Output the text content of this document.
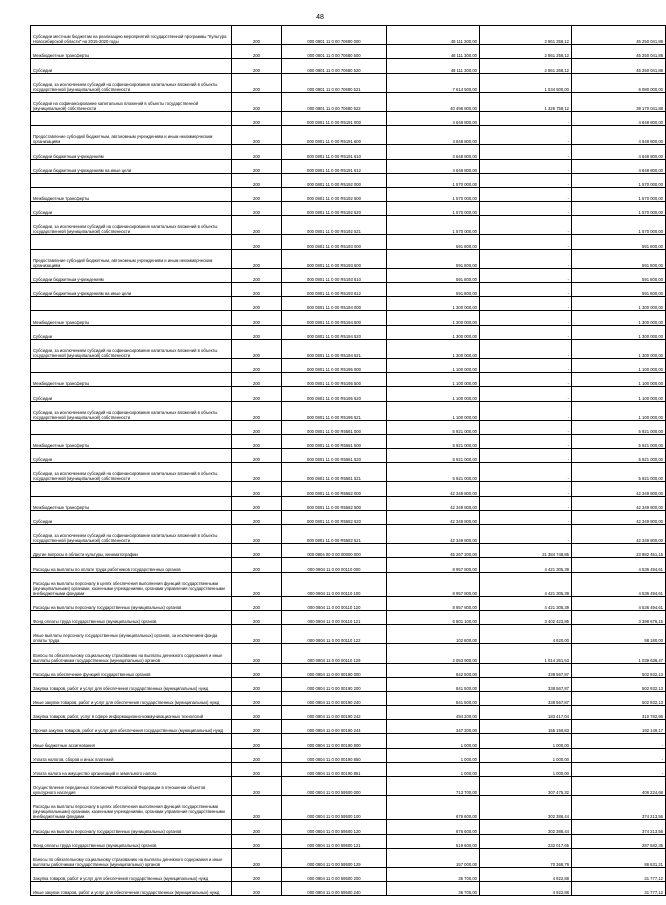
48
Субсидии местным бюджетам на реализацию мероприятий государственной программы "Культура Новосибирской области" на 2015-2020 годы	200	000 0801 11 0 00 70680 000	48 111 300,00	2 861 258,12	45 250 041,88
Межбюджетные трансферты	200	000 0801 11 0 00 70680 500	48 111 300,00	2 861 258,12	45 250 041,88
Субсидии	200	000 0801 11 0 00 70680 520	48 111 300,00	2 861 258,12	45 250 041,88
Субсидии, за исключением субсидий на софинансирование капитальных вложений в объекты государственной (муниципальной) собственности	200	000 0801 11 0 00 70680 521	7 614 500,00	1 534 500,00	6 080 000,00
Субсидии на софинансирование капитальных вложений в объекты государственной (муниципальной) собственности	200	000 0801 11 0 00 70680 522	40 496 800,00	1 326 758,12	39 170 041,88
	200	000 0801 11 0 00 R5191 000	4 648 800,00	-	4 648 800,00
Предоставление субсидий бюджетным, автономным учреждениям и иным некоммерческим организациям	200	000 0801 11 0 00 R5191 600	4 648 800,00	-	4 648 800,00
Субсидии бюджетным учреждениям	200	000 0801 11 0 00 R5191 610	4 648 800,00	-	4 648 800,00
Субсидии бюджетным учреждениям на иные цели	200	000 0801 11 0 00 R5191 612	4 648 800,00	-	4 648 800,00
	200	000 0801 11 0 00 R5192 000	1 570 000,00	-	1 570 000,00
Межбюджетные трансферты	200	000 0801 11 0 00 R5192 500	1 570 000,00	-	1 570 000,00
Субсидии	200	000 0801 11 0 00 R5192 520	1 570 000,00	-	1 570 000,00
Субсидии, за исключением субсидий на софинансирование капитальных вложений в объекты государственной (муниципальной) собственности	200	000 0801 11 0 00 R5192 521	1 570 000,00	-	1 570 000,00
	200	000 0801 11 0 00 R5193 000	591 800,00	-	591 800,00
Предоставление субсидий бюджетным, автономным учреждениям и иным некоммерческим организациям	200	000 0801 11 0 00 R5193 600	591 800,00	-	591 800,00
Субсидии бюджетным учреждениям	200	000 0801 11 0 00 R5193 610	591 800,00	-	591 800,00
Субсидии бюджетным учреждениям на иные цели	200	000 0801 11 0 00 R5193 612	591 800,00	-	591 800,00
	200	000 0801 11 0 00 R5194 000	1 300 000,00	-	1 300 000,00
Межбюджетные трансферты	200	000 0801 11 0 00 R5194 500	1 300 000,00	-	1 300 000,00
Субсидии	200	000 0801 11 0 00 R5194 520	1 300 000,00	-	1 300 000,00
Субсидии, за исключением субсидий на софинансирование капитальных вложений в объекты государственной (муниципальной) собственности	200	000 0801 11 0 00 R5194 521	1 300 000,00	-	1 300 000,00
	200	000 0801 11 0 00 R5195 000	1 100 000,00	-	1 100 000,00
Межбюджетные трансферты	200	000 0801 11 0 00 R5195 500	1 100 000,00	-	1 100 000,00
Субсидии	200	000 0801 11 0 00 R5195 520	1 100 000,00	-	1 100 000,00
Субсидии, за исключением субсидий на софинансирование капитальных вложений в объекты государственной (муниципальной) собственности	200	000 0801 11 0 00 R5195 521	1 100 000,00	-	1 100 000,00
	200	000 0801 11 0 00 R5581 000	5 921 000,00	-	5 921 000,00
Межбюджетные трансферты	200	000 0801 11 0 00 R5581 500	5 921 000,00	-	5 921 000,00
Субсидии	200	000 0801 11 0 00 R5581 520	5 921 000,00	-	5 921 000,00
Субсидии, за исключением субсидий на софинансирование капитальных вложений в объекты государственной (муниципальной) собственности	200	000 0801 11 0 00 R5581 521	5 921 000,00	-	5 921 000,00
	200	000 0801 11 0 00 R5582 000	42 349 800,00	-	42 349 800,00
Межбюджетные трансферты	200	000 0801 11 0 00 R5582 500	42 349 800,00	-	42 349 800,00
Субсидии	200	000 0801 11 0 00 R5582 520	42 349 800,00	-	42 349 800,00
Субсидии, за исключением субсидий на софинансирование капитальных вложений в объекты государственной (муниципальной) собственности	200	000 0801 11 0 00 R5582 521	42 349 800,00	-	42 349 800,00
Другие вопросы в области культуры, кинематографии	200	000 0804 00 0 00 00000 000	45 267 200,00	21 384 748,85	23 882 451,15
Расходы на выплаты по оплате труда работников государственных органов	200	000 0804 11 0 00 00110 000	8 957 800,00	4 421 305,39	4 536 494,61
Расходы на выплаты персоналу в целях обеспечения выполнения функций государственными (муниципальными) органами, казенными учреждениями, органами управления государственными внебюджетными фондами	200	000 0804 11 0 00 00110 100	8 957 800,00	4 421 305,39	4 536 494,61
Расходы на выплаты персоналу государственных (муниципальных) органов	200	000 0804 11 0 00 00110 120	8 957 800,00	4 421 305,39	4 536 494,61
Фонд оплаты труда государственных (муниципальных) органов	200	000 0804 11 0 00 00110 121	6 801 100,00	3 402 423,85	3 398 676,15
Иные выплаты персоналу государственных (муниципальных) органов, за исключением фонда оплаты труда	200	000 0804 11 0 00 00110 122	102 800,00	4 620,00	98 180,00
Взносы по обязательному социальному страхованию на выплаты денежного содержания и иные выплаты работникам государственных (муниципальных) органов	200	000 0804 11 0 00 00110 129	2 053 900,00	1 014 261,53	1 039 638,47
Расходы на обеспечение функций государственных органов	200	000 0804 11 0 00 00190 000	842 500,00	339 567,87	502 932,13
Закупка товаров, работ и услуг для обеспечения государственных (муниципальных) нужд	200	000 0804 11 0 00 00190 200	841 500,00	338 567,87	502 932,13
Иные закупки товаров, работ и услуг для обеспечения государственных (муниципальных) нужд	200	000 0804 11 0 00 00190 240	841 500,00	338 567,87	502 932,13
Закупка товаров, работ, услуг в сфере информационно-коммуникационных технологий	200	000 0804 11 0 00 00190 242	494 200,00	183 417,04	310 782,96
Прочая закупка товаров, работ и услуг для обеспечения государственных (муниципальных) нужд	200	000 0804 11 0 00 00190 244	347 300,00	155 150,83	192 149,17
Иные бюджетные ассигнования	200	000 0804 11 0 00 00190 800	1 000,00	1 000,00	-
Уплата налогов, сборов и иных платежей	200	000 0804 11 0 00 00190 850	1 000,00	1 000,00	-
Уплата налога на имущество организаций и земельного налога	200	000 0804 11 0 00 00190 851	1 000,00	1 000,00	-
Осуществление переданных полномочий Российской Федерации в отношении объектов культурного наследия	200	000 0804 11 0 00 59500 000	713 700,00	307 475,32	406 224,68
Расходы на выплаты персоналу в целях обеспечения выполнения функций государственными (муниципальными) органами, казенными учреждениями, органами управления государственными внебюджетными фондами	200	000 0804 11 0 00 59500 100	676 600,00	302 386,44	374 213,56
Расходы на выплаты персоналу государственных (муниципальных) органов	200	000 0804 11 0 00 59500 120	676 600,00	302 386,44	374 213,56
Фонд оплаты труда государственных (муниципальных) органов	200	000 0804 11 0 00 59500 121	519 600,00	232 017,65	287 582,35
Взносы по обязательному социальному страхованию на выплаты денежного содержания и иные выплаты работникам государственных (муниципальных) органов	200	000 0804 11 0 00 59500 129	157 000,00	70 368,79	86 631,21
Закупка товаров, работ и услуг для обеспечения государственных (муниципальных) нужд	200	000 0804 11 0 00 59500 200	36 700,00	4 922,88	31 777,12
Иные закупки товаров, работ и услуг для обеспечения государственных (муниципальных) нужд	200	000 0804 11 0 00 59500 240	36 700,00	4 922,88	31 777,12
